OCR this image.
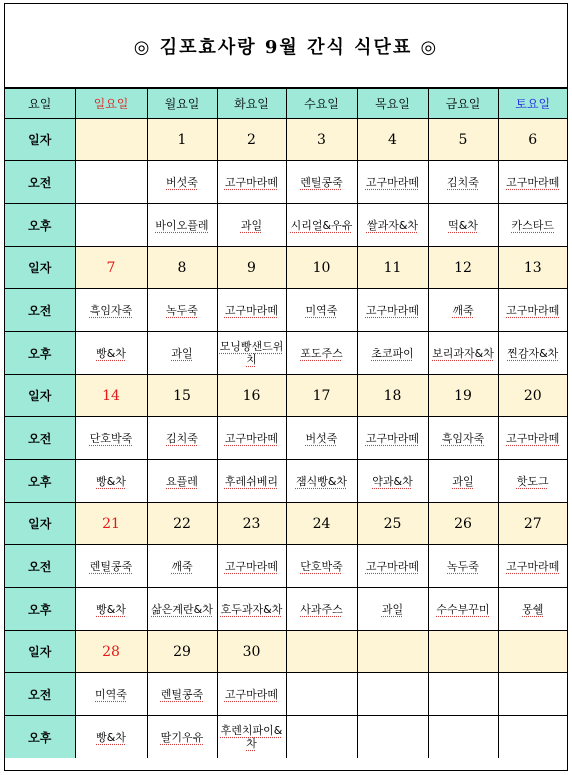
◎ 김포효사랑 9월 간식 식단표 ◎
요일	일요일	월요일	화요일	수요일	목요일	금요일	토요일
일자		1	2	3	4	5	6
오전		버섯죽	고구마라떼	렌틸콩죽	고구마라떼	김치죽	고구마라떼
오후		바이오플레	과일	시리얼&우유	쌀과자&차	떡&차	카스타드
일자	7	8	9	10	11	12	13
오전	흑임자죽	녹두죽	고구마라떼	미역죽	고구마라떼	깨죽	고구마라떼
오후	빵&차	과일	모닝빵샌드위치	포도주스	초코파이	보리과자&차	찐감자&차
일자	14	15	16	17	18	19	20
오전	단호박죽	김치죽	고구마라떼	버섯죽	고구마라떼	흑임자죽	고구마라떼
오후	빵&차	요플레	후레쉬베리	잼식빵&차	약과&차	과일	핫도그
일자	21	22	23	24	25	26	27
오전	렌틸콩죽	깨죽	고구마라떼	단호박죽	고구마라떼	녹두죽	고구마라떼
오후	빵&차	삶은계란&차	호두과자&차	사과주스	과일	수수부꾸미	몽쉘
일자	28	29	30				
오전	미역죽	렌틸콩죽	고구마라떼				
오후	빵&차	딸기우유	후렌치파이&차				
